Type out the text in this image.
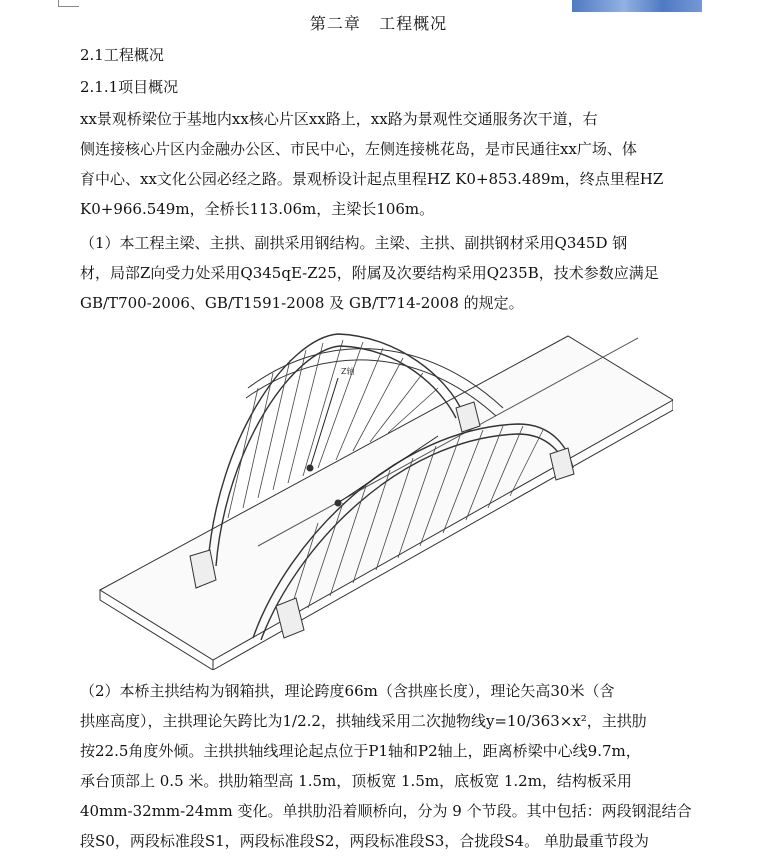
第二章   工程概况
2.1工程概况
2.1.1项目概况
xx景观桥梁位于基地内xx核心片区xx路上，xx路为景观性交通服务次干道，右
侧连接核心片区内金融办公区、市民中心，左侧连接桃花岛，是市民通往xx广场、体
育中心、xx文化公园必经之路。景观桥设计起点里程HZ K0+853.489m，终点里程HZ
K0+966.549m，全桥长113.06m，主梁长106m。
（1）本工程主梁、主拱、副拱采用钢结构。主梁、主拱、副拱钢材采用Q345D 钢
材，局部Z向受力处采用Q345qE-Z25，附属及次要结构采用Q235B，技术参数应满足
GB/T700-2006、GB/T1591-2008 及 GB/T714-2008 的规定。
Z轴
（2）本桥主拱结构为钢箱拱，理论跨度66m（含拱座长度），理论矢高30米（含
拱座高度），主拱理论矢跨比为1/2.2，拱轴线采用二次抛物线y=10/363×x²，主拱肋
按22.5角度外倾。主拱拱轴线理论起点位于P1轴和P2轴上，距离桥梁中心线9.7m，
承台顶部上 0.5 米。拱肋箱型高 1.5m，顶板宽 1.5m，底板宽 1.2m，结构板采用
40mm-32mm-24mm 变化。单拱肋沿着顺桥向，分为 9 个节段。其中包括：两段钢混结合
段S0，两段标准段S1，两段标准段S2，两段标准段S3，合拢段S4。 单肋最重节段为
